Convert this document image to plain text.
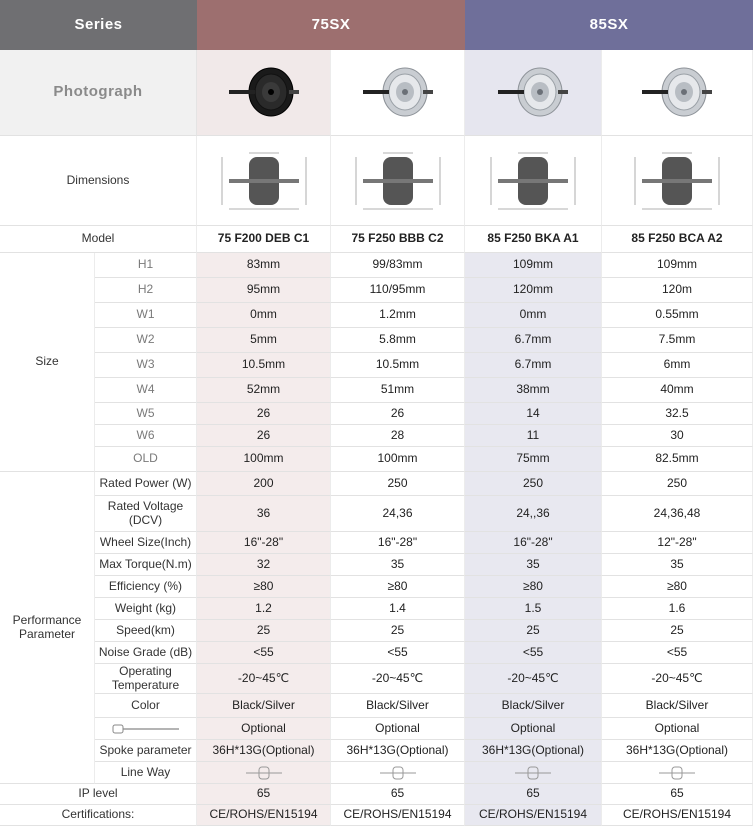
Series	75SX	85SX
Photograph
Dimensions
Model	75 F200 DEB C1	75 F250 BBB C2	85 F250 BKA A1	85 F250 BCA A2
Size
H1	83mm	99/83mm	109mm	109mm
H2	95mm	110/95mm	120mm	120m
W1	0mm	1.2mm	0mm	0.55mm
W2	5mm	5.8mm	6.7mm	7.5mm
W3	10.5mm	10.5mm	6.7mm	6mm
W4	52mm	51mm	38mm	40mm
W5	26	26	14	32.5
W6	26	28	11	30
OLD	100mm	100mm	75mm	82.5mm
Performance Parameter
Rated Power (W)	200	250	250	250
Rated Voltage (DCV)	36	24,36	24,,36	24,36,48
Wheel Size(Inch)	16"-28"	16"-28"	16"-28"	12"-28"
Max Torque(N.m)	32	35	35	35
Efficiency (%)	≥80	≥80	≥80	≥80
Weight (kg)	1.2	1.4	1.5	1.6
Speed(km)	25	25	25	25
Noise Grade (dB)	<55	<55	<55	<55
Operating Temperature	-20~45℃	-20~45℃	-20~45℃	-20~45℃
Color	Black/Silver	Black/Silver	Black/Silver	Black/Silver
Optional	Optional	Optional	Optional
Spoke parameter	36H*13G(Optional)	36H*13G(Optional)	36H*13G(Optional)	36H*13G(Optional)
Line Way
IP level	65	65	65	65
Certifications:	CE/ROHS/EN15194	CE/ROHS/EN15194	CE/ROHS/EN15194	CE/ROHS/EN15194
